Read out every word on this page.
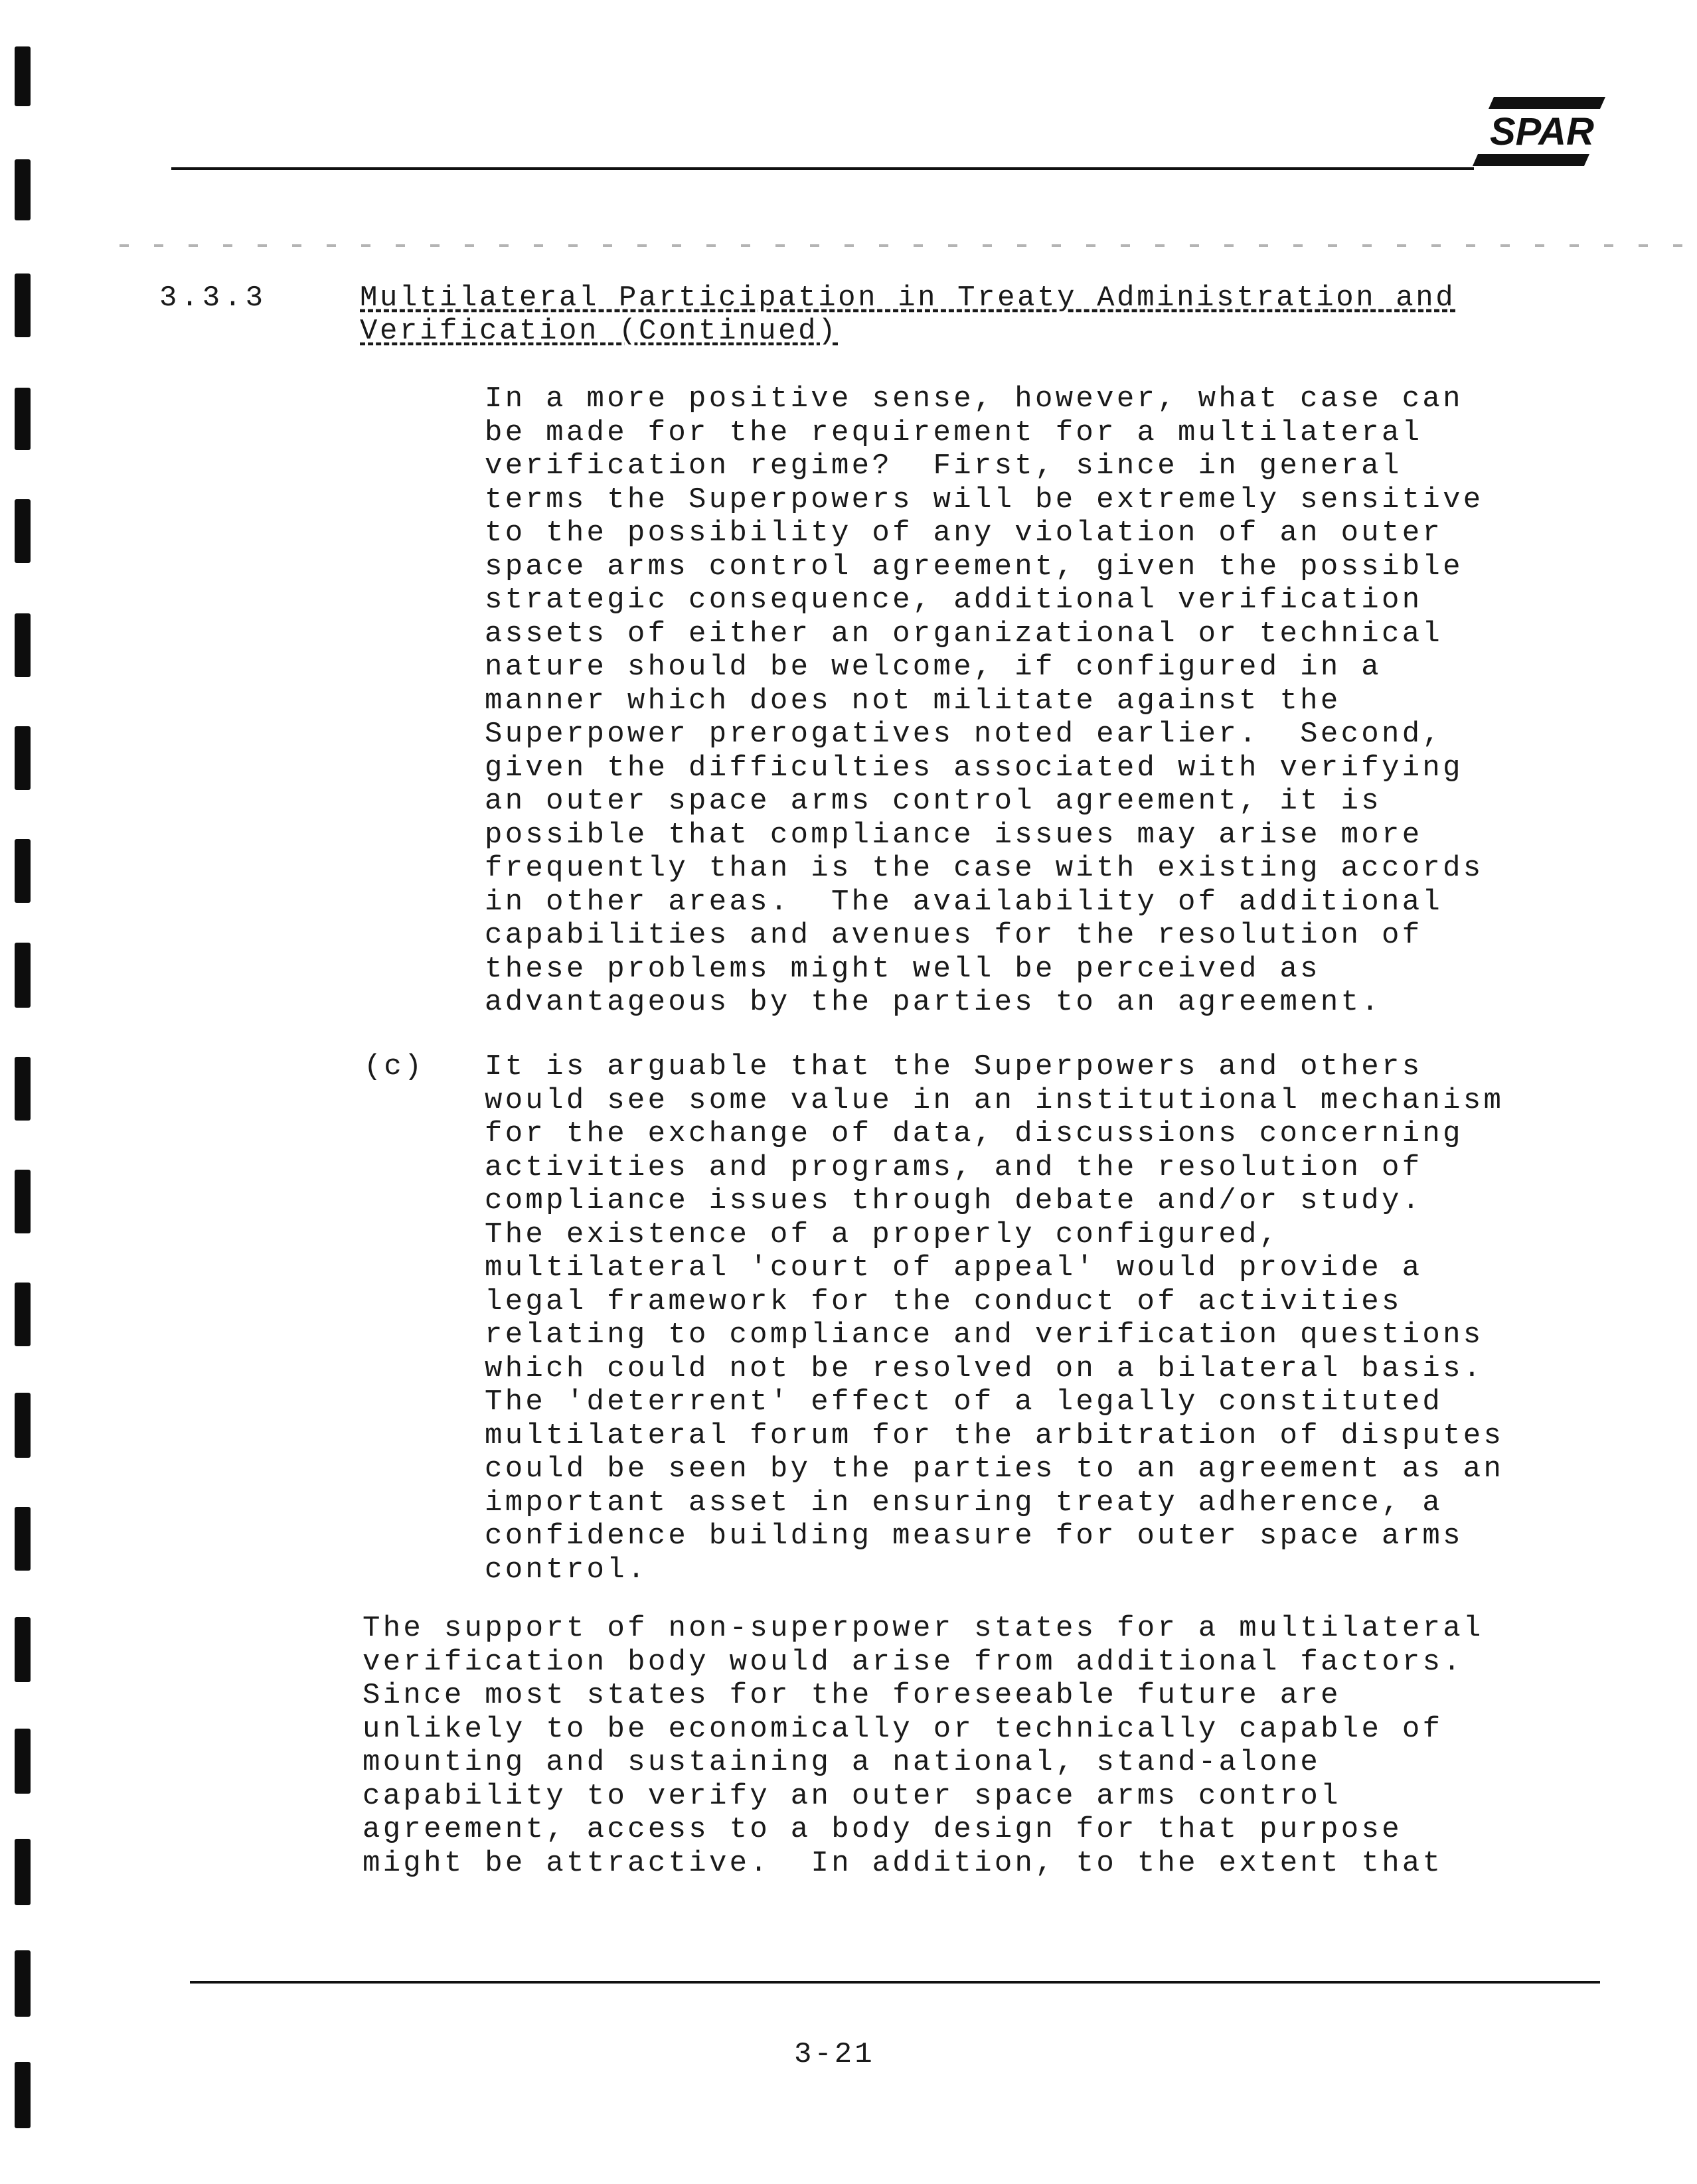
SPAR
3.3.3	Multilateral Participation in Treaty Administration and
Verification (Continued)
In a more positive sense, however, what case can
be made for the requirement for a multilateral
verification regime?  First, since in general
terms the Superpowers will be extremely sensitive
to the possibility of any violation of an outer
space arms control agreement, given the possible
strategic consequence, additional verification
assets of either an organizational or technical
nature should be welcome, if configured in a
manner which does not militate against the
Superpower prerogatives noted earlier.  Second,
given the difficulties associated with verifying
an outer space arms control agreement, it is
possible that compliance issues may arise more
frequently than is the case with existing accords
in other areas.  The availability of additional
capabilities and avenues for the resolution of
these problems might well be perceived as
advantageous by the parties to an agreement.
(c) It is arguable that the Superpowers and others
would see some value in an institutional mechanism
for the exchange of data, discussions concerning
activities and programs, and the resolution of
compliance issues through debate and/or study.
The existence of a properly configured,
multilateral 'court of appeal' would provide a
legal framework for the conduct of activities
relating to compliance and verification questions
which could not be resolved on a bilateral basis.
The 'deterrent' effect of a legally constituted
multilateral forum for the arbitration of disputes
could be seen by the parties to an agreement as an
important asset in ensuring treaty adherence, a
confidence building measure for outer space arms
control.
The support of non-superpower states for a multilateral
verification body would arise from additional factors.
Since most states for the foreseeable future are
unlikely to be economically or technically capable of
mounting and sustaining a national, stand-alone
capability to verify an outer space arms control
agreement, access to a body design for that purpose
might be attractive.  In addition, to the extent that
3-21
